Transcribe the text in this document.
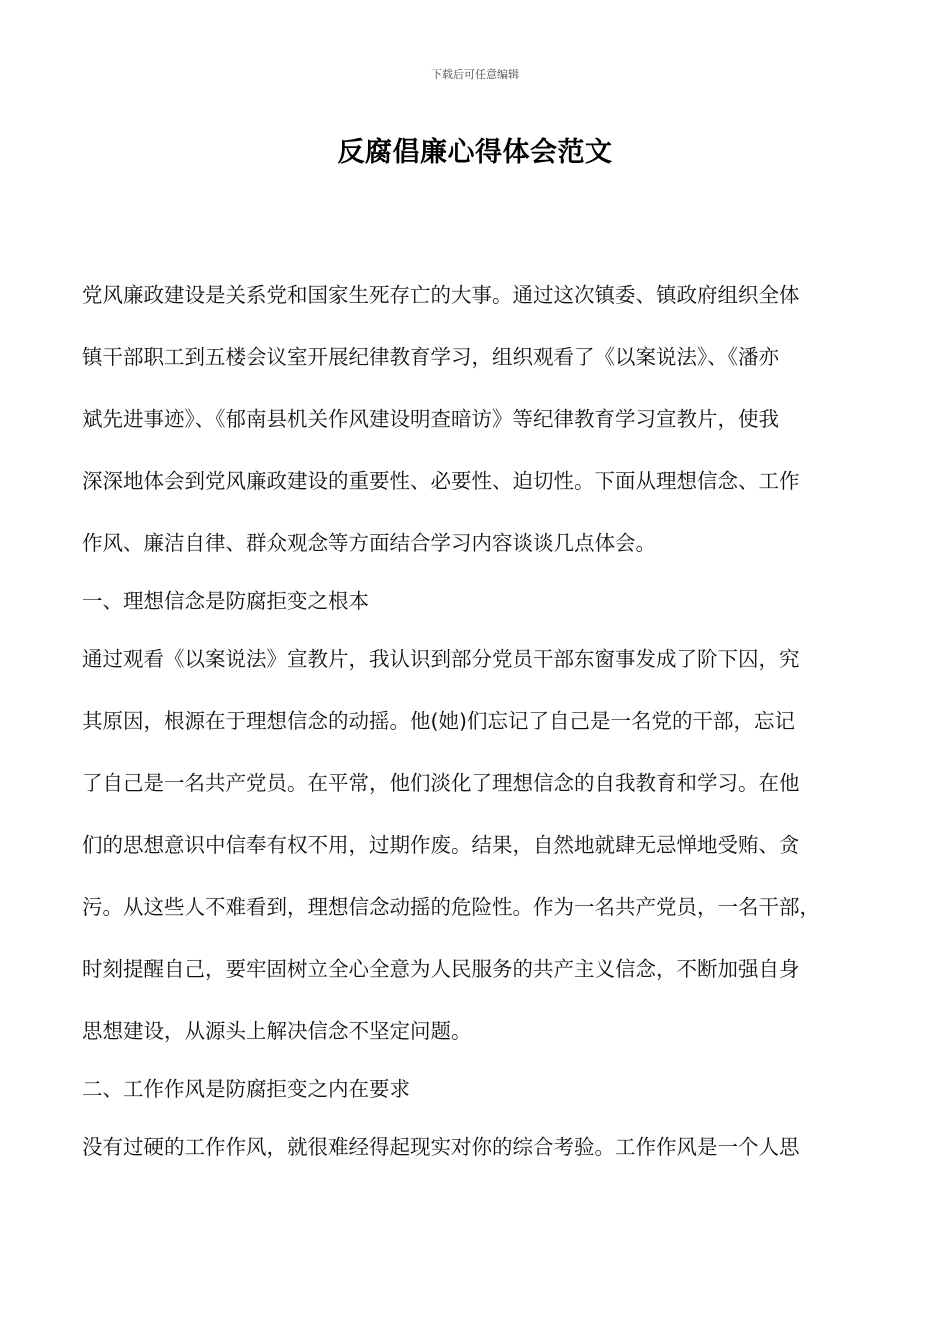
下载后可任意编辑
反腐倡廉心得体会范文
党风廉政建设是关系党和国家生死存亡的大事。通过这次镇委、镇政府组织全体
镇干部职工到五楼会议室开展纪律教育学习，组织观看了《以案说法》、《潘亦
斌先进事迹》、《郁南县机关作风建设明查暗访》等纪律教育学习宣教片，使我
深深地体会到党风廉政建设的重要性、必要性、迫切性。下面从理想信念、工作
作风、廉洁自律、群众观念等方面结合学习内容谈谈几点体会。
一、理想信念是防腐拒变之根本
通过观看《以案说法》宣教片，我认识到部分党员干部东窗事发成了阶下囚，究
其原因，根源在于理想信念的动摇。他(她)们忘记了自己是一名党的干部，忘记
了自己是一名共产党员。在平常，他们淡化了理想信念的自我教育和学习。在他
们的思想意识中信奉有权不用，过期作废。结果，自然地就肆无忌惮地受贿、贪
污。从这些人不难看到，理想信念动摇的危险性。作为一名共产党员，一名干部，
时刻提醒自己，要牢固树立全心全意为人民服务的共产主义信念，不断加强自身
思想建设，从源头上解决信念不坚定问题。
二、工作作风是防腐拒变之内在要求
没有过硬的工作作风，就很难经得起现实对你的综合考验。工作作风是一个人思
